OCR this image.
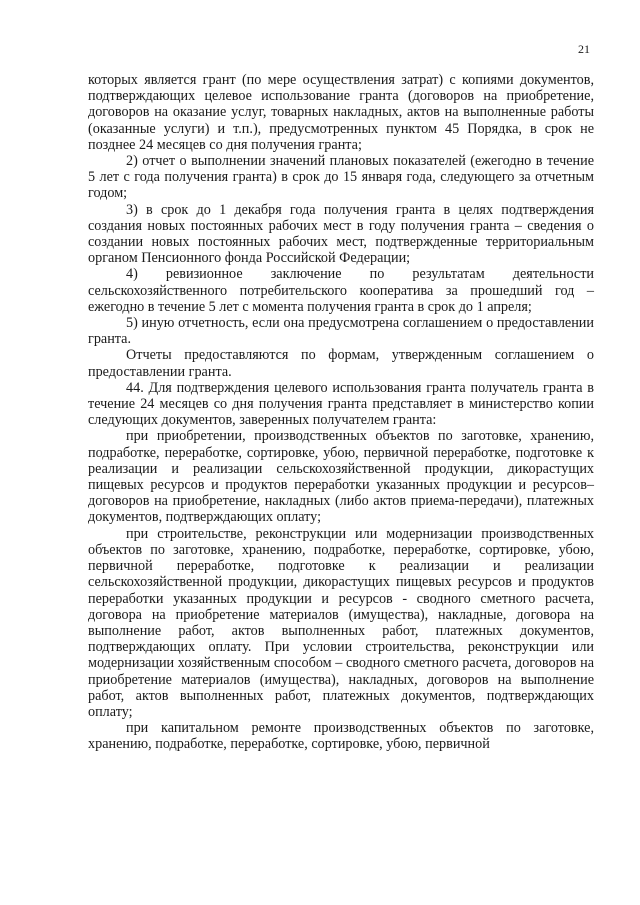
21

которых является грант (по мере осуществления затрат) с копиями документов, подтверждающих целевое использование гранта (договоров на приобретение, договоров на оказание услуг, товарных накладных, актов на выполненные работы (оказанные услуги) и т.п.), предусмотренных пунктом 45 Порядка, в срок не позднее 24 месяцев со дня получения гранта;

2) отчет о выполнении значений плановых показателей (ежегодно в течение 5 лет с года получения гранта) в срок до 15 января года, следующего за отчетным годом;

3) в срок до 1 декабря года получения гранта в целях подтверждения создания новых постоянных рабочих мест в году получения гранта – сведения о создании новых постоянных рабочих мест, подтвержденные территориальным органом Пенсионного фонда Российской Федерации;

4) ревизионное заключение по результатам деятельности сельскохозяйственного потребительского кооператива за прошедший год – ежегодно в течение 5 лет с момента получения гранта в срок до 1 апреля;

5) иную отчетность, если она предусмотрена соглашением о предоставлении гранта.

Отчеты предоставляются по формам, утвержденным соглашением о предоставлении гранта.

44. Для подтверждения целевого использования гранта получатель гранта в течение 24 месяцев со дня получения гранта представляет в министерство копии следующих документов, заверенных получателем гранта:

при приобретении, производственных объектов по заготовке, хранению, подработке, переработке, сортировке, убою, первичной переработке, подготовке к реализации и реализации сельскохозяйственной продукции, дикорастущих пищевых ресурсов и продуктов переработки указанных продукции и ресурсов– договоров на приобретение, накладных (либо актов приема-передачи), платежных документов, подтверждающих оплату;

при строительстве, реконструкции или модернизации производственных объектов по заготовке, хранению, подработке, переработке, сортировке, убою, первичной переработке, подготовке к реализации и реализации сельскохозяйственной продукции, дикорастущих пищевых ресурсов и продуктов переработки указанных продукции и ресурсов - сводного сметного расчета, договора на приобретение материалов (имущества), накладные, договора на выполнение работ, актов выполненных работ, платежных документов, подтверждающих оплату. При условии строительства, реконструкции или модернизации хозяйственным способом – сводного сметного расчета, договоров на приобретение материалов (имущества), накладных, договоров на выполнение работ, актов выполненных работ, платежных документов, подтверждающих оплату;

при капитальном ремонте производственных объектов по заготовке, хранению, подработке, переработке, сортировке, убою, первичной
